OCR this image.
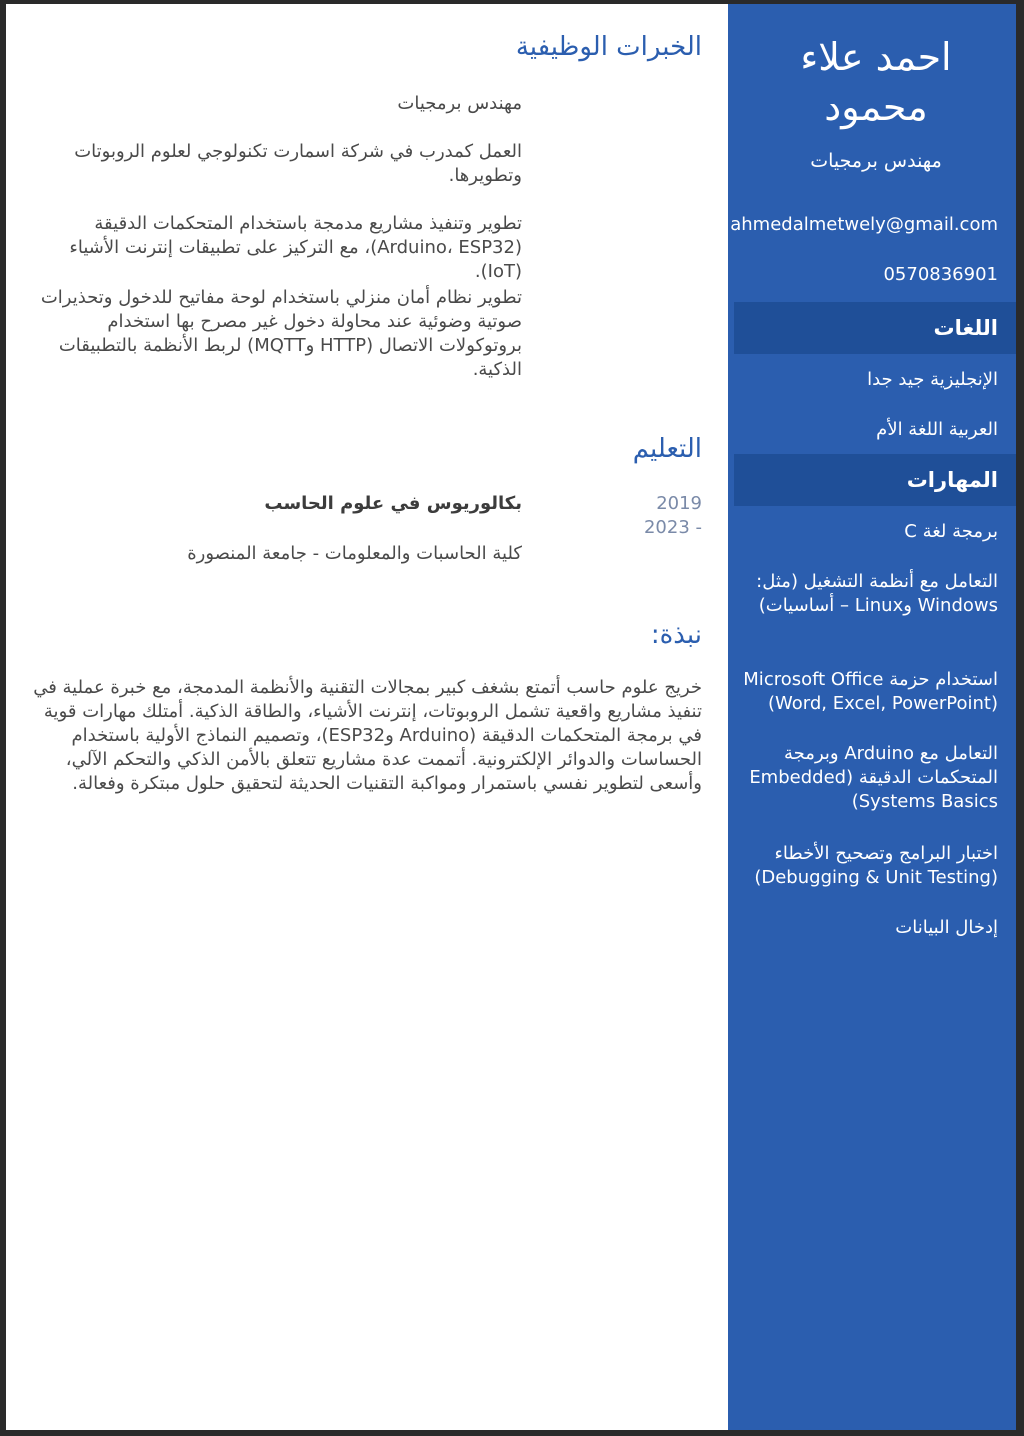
احمد علاء محمود
مهندس برمجيات
ahmedalmetwely@gmail.com
0570836901
اللغات
الإنجليزية جيد جدا
العربية اللغة الأم
المهارات
برمجة لغة C
التعامل مع أنظمة التشغيل (مثل: Windows وLinux – أساسيات)
استخدام حزمة Microsoft Office (Word, Excel, PowerPoint)
التعامل مع Arduino وبرمجة المتحكمات الدقيقة (Embedded Systems Basics)
اختبار البرامج وتصحيح الأخطاء (Debugging & Unit Testing)
إدخال البيانات
الخبرات الوظيفية

مهندس برمجيات

العمل كمدرب في شركة اسمارت تكنولوجي لعلوم الروبوتات وتطويرها.

تطوير وتنفيذ مشاريع مدمجة باستخدام المتحكمات الدقيقة (Arduino، ESP32)، مع التركيز على تطبيقات إنترنت الأشياء (IoT).

تطوير نظام أمان منزلي باستخدام لوحة مفاتيح للدخول وتحذيرات صوتية وضوئية عند محاولة دخول غير مصرح بها استخدام بروتوكولات الاتصال (HTTP وMQTT) لربط الأنظمة بالتطبيقات الذكية.

التعليم

2019

- 2023

بكالوريوس في علوم الحاسب

كلية الحاسبات والمعلومات - جامعة المنصورة

نبذة:

خريج علوم حاسب أتمتع بشغف كبير بمجالات التقنية والأنظمة المدمجة، مع خبرة عملية في تنفيذ مشاريع واقعية تشمل الروبوتات، إنترنت الأشياء، والطاقة الذكية. أمتلك مهارات قوية في برمجة المتحكمات الدقيقة (Arduino وESP32)، وتصميم النماذج الأولية باستخدام الحساسات والدوائر الإلكترونية. أتممت عدة مشاريع تتعلق بالأمن الذكي والتحكم الآلي، وأسعى لتطوير نفسي باستمرار ومواكبة التقنيات الحديثة لتحقيق حلول مبتكرة وفعالة.
